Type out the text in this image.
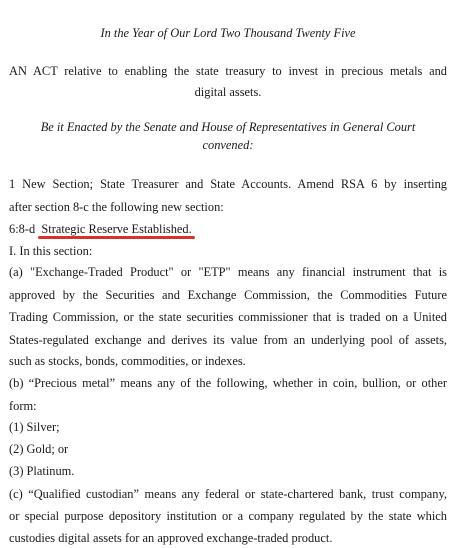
In the Year of Our Lord Two Thousand Twenty Five
AN ACT relative to enabling the state treasury to invest in precious metals and
digital assets.
Be it Enacted by the Senate and House of Representatives in General Court
convened:
1 New Section; State Treasurer and State Accounts. Amend RSA 6 by inserting
after section 8-c the following new section:
6:8-d Strategic Reserve Established.
I. In this section:
(a) "Exchange-Traded Product" or "ETP" means any financial instrument that is
approved by the Securities and Exchange Commission, the Commodities Future
Trading Commission, or the state securities commissioner that is traded on a United
States-regulated exchange and derives its value from an underlying pool of assets,
such as stocks, bonds, commodities, or indexes.
(b) “Precious metal” means any of the following, whether in coin, bullion, or other
form:
(1) Silver;
(2) Gold; or
(3) Platinum.
(c) “Qualified custodian” means any federal or state-chartered bank, trust company,
or special purpose depository institution or a company regulated by the state which
custodies digital assets for an approved exchange-traded product.
